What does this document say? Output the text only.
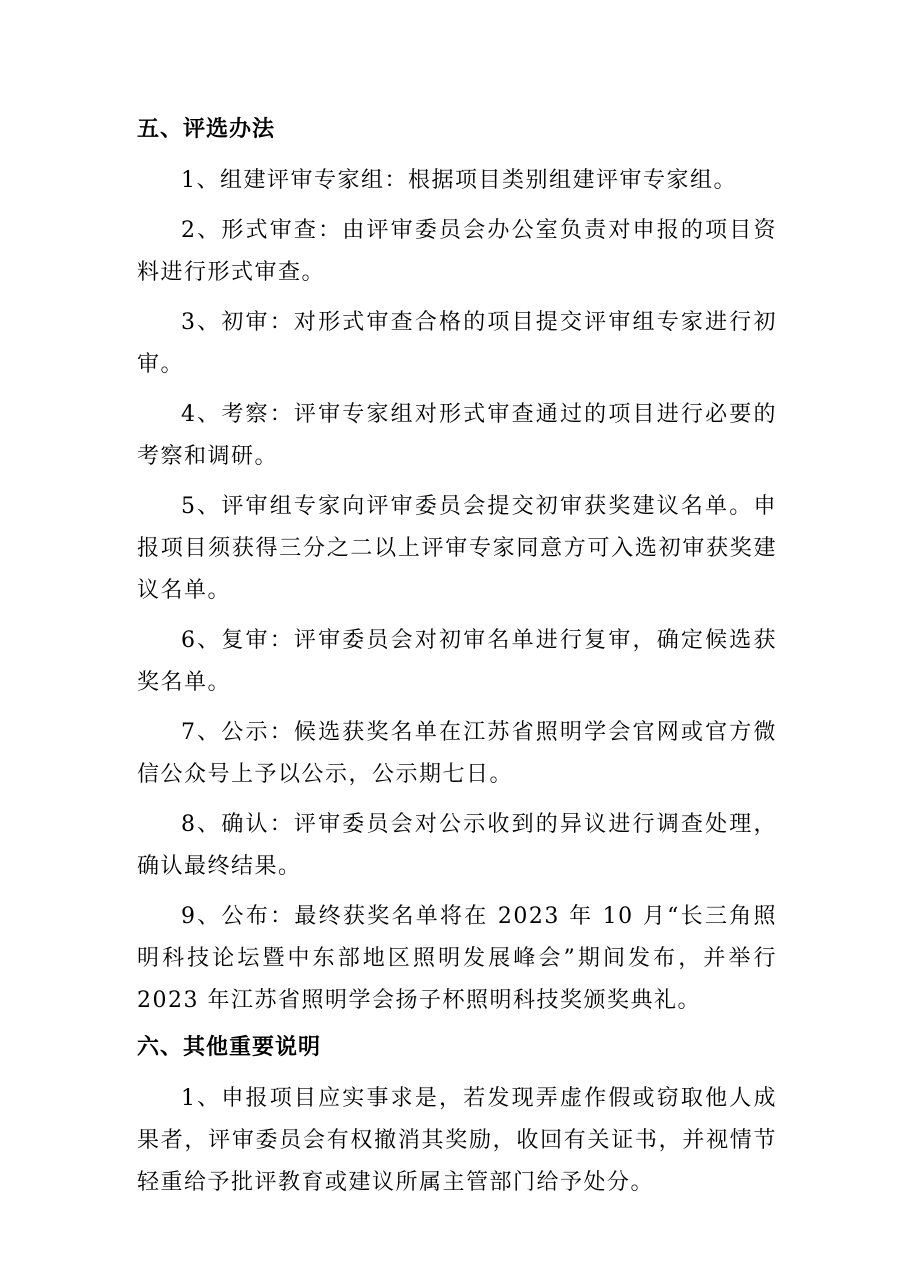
五、评选办法

1、组建评审专家组：根据项目类别组建评审专家组。

2、形式审查：由评审委员会办公室负责对申报的项目资料进行形式审查。

3、初审：对形式审查合格的项目提交评审组专家进行初审。

4、考察：评审专家组对形式审查通过的项目进行必要的考察和调研。

5、评审组专家向评审委员会提交初审获奖建议名单。申报项目须获得三分之二以上评审专家同意方可入选初审获奖建议名单。

6、复审：评审委员会对初审名单进行复审，确定候选获奖名单。

7、公示：候选获奖名单在江苏省照明学会官网或官方微信公众号上予以公示，公示期七日。

8、确认：评审委员会对公示收到的异议进行调查处理，确认最终结果。

9、公布：最终获奖名单将在 2023 年 10 月“长三角照明科技论坛暨中东部地区照明发展峰会”期间发布，并举行 2023 年江苏省照明学会扬子杯照明科技奖颁奖典礼。

六、其他重要说明

1、申报项目应实事求是，若发现弄虚作假或窃取他人成果者，评审委员会有权撤消其奖励，收回有关证书，并视情节轻重给予批评教育或建议所属主管部门给予处分。
